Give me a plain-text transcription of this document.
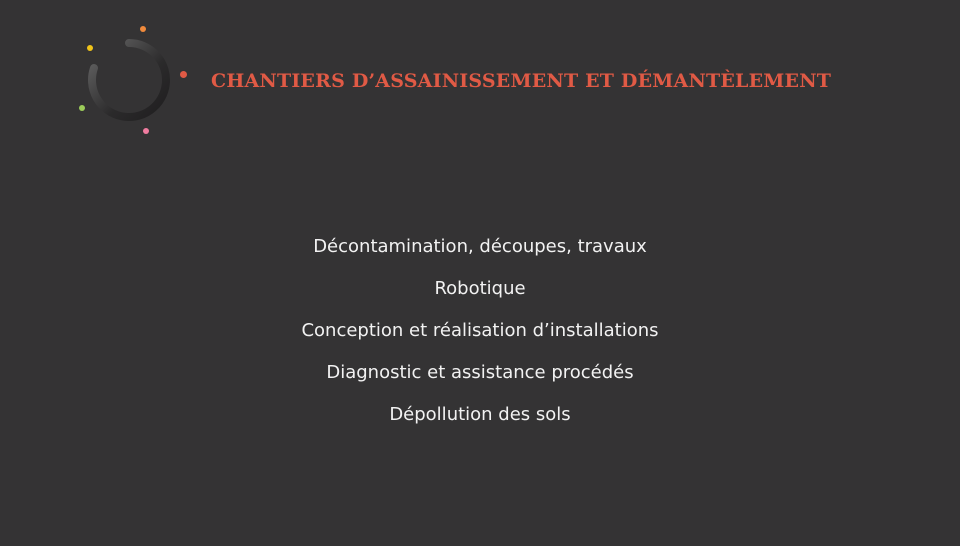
CHANTIERS D’ASSAINISSEMENT ET DÉMANTÈLEMENT
Décontamination, découpes, travaux
Robotique
Conception et réalisation d’installations
Diagnostic et assistance procédés
Dépollution des sols
